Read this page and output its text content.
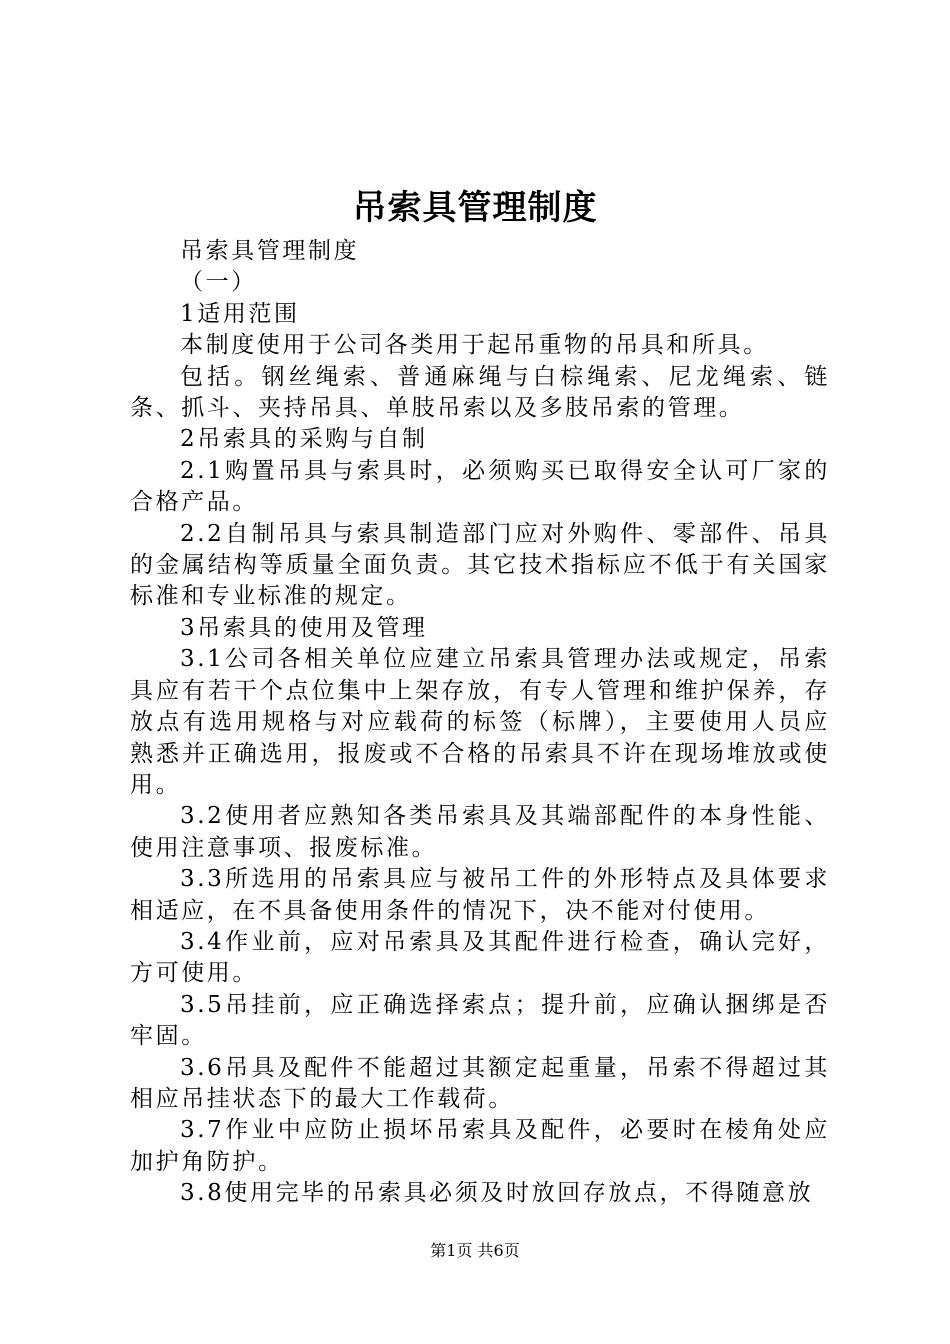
吊索具管理制度

吊索具管理制度

（一）

1适用范围

本制度使用于公司各类用于起吊重物的吊具和所具。

包括。钢丝绳索、普通麻绳与白棕绳索、尼龙绳索、链条、抓斗、夹持吊具、单肢吊索以及多肢吊索的管理。

2吊索具的采购与自制

2.1购置吊具与索具时，必须购买已取得安全认可厂家的合格产品。

2.2自制吊具与索具制造部门应对外购件、零部件、吊具的金属结构等质量全面负责。其它技术指标应不低于有关国家标准和专业标准的规定。

3吊索具的使用及管理

3.1公司各相关单位应建立吊索具管理办法或规定，吊索具应有若干个点位集中上架存放，有专人管理和维护保养，存放点有选用规格与对应载荷的标签（标牌），主要使用人员应熟悉并正确选用，报废或不合格的吊索具不许在现场堆放或使用。

3.2使用者应熟知各类吊索具及其端部配件的本身性能、使用注意事项、报废标准。

3.3所选用的吊索具应与被吊工件的外形特点及具体要求相适应，在不具备使用条件的情况下，决不能对付使用。

3.4作业前，应对吊索具及其配件进行检查，确认完好，方可使用。

3.5吊挂前，应正确选择索点；提升前，应确认捆绑是否牢固。

3.6吊具及配件不能超过其额定起重量，吊索不得超过其相应吊挂状态下的最大工作载荷。

3.7作业中应防止损坏吊索具及配件，必要时在棱角处应加护角防护。

3.8使用完毕的吊索具必须及时放回存放点，不得随意放

第1页 共6页
